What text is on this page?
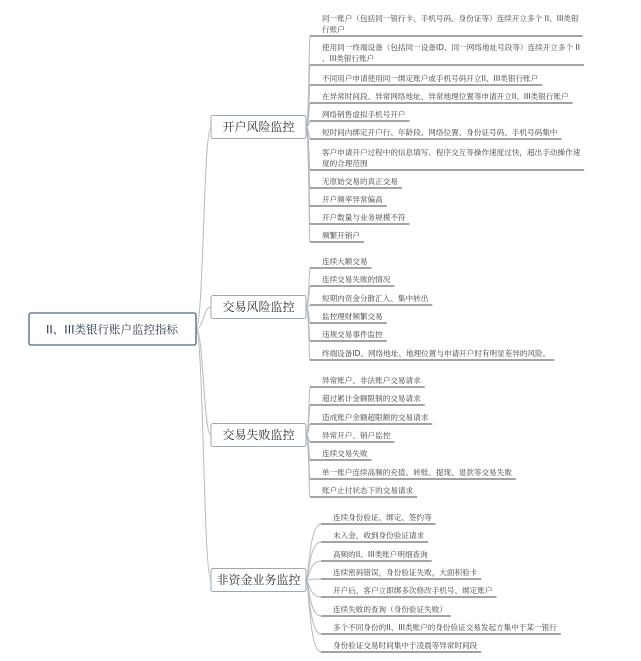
II、III类银行账户监控指标
开户风险监控
交易风险监控
交易失败监控
非资金业务监控
同一账户（包括同一银行卡、手机号码、身份证等）连续开立多个 II、III类银
行账户
使用同一终端设备（包括同一设备ID、同一网络地址号段等）连续开立多个 II
、III类银行账户
不同用户申请使用同一绑定账户或手机号码开立II、III类银行账户
在异常时间段、异常网络地址、异常地理位置等申请开立II、III类银行账户
网络销售虚拟手机号开户
短时间内绑定开户行、年龄段、网络位置、身份证号码、手机号码集中
客户申请开户过程中的信息填写、程序交互等操作速度过快，超出手动操作速
度的合理范围
无原始交易的真正交易
开户频率异常偏高
开户数量与业务规模不符
频繁开销户
连续大额交易
连续交易失败的情况
短期内资金分散汇入、集中转出
监控理财频繁交易
违规交易事件监控
终端设备ID、网络地址、地理位置与申请开户时有明显差异的风险。
异常账户、非法账户交易请求
超过累计金额限制的交易请求
造成账户余额超限额的交易请求
异常开户、销户监控
连续交易失败
单一账户连续高频的充值、转账、提现、退款等交易失败
账户止付状态下的交易请求
连续身份验证、绑定、签约等
未入金，收到身份验证请求
高频的II、III类账户明细查询
连续密码错误，身份验证失败，大面积验卡
开户后，客户立即绑多次修改手机号、绑定账户
连续失败的查询（身份验证失败）
多个不同身份的II、III类账户的身份验证交易发起方集中于某一银行
身份验证交易时间集中于凌晨等异常时间段
